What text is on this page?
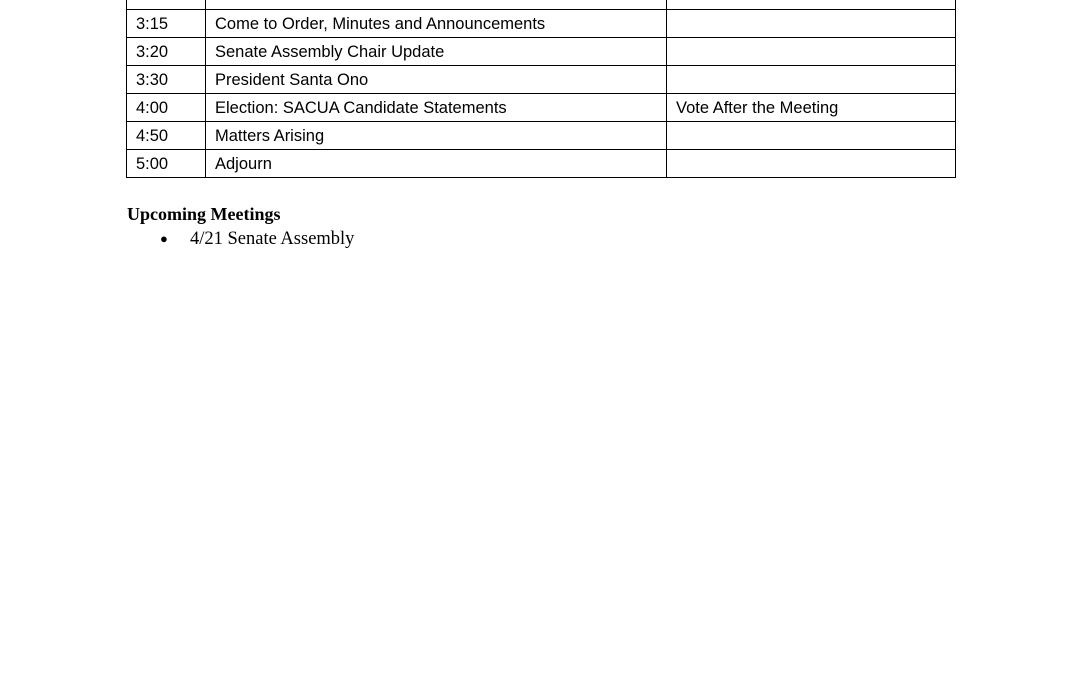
3:15	Come to Order, Minutes and Announcements	
3:20	Senate Assembly Chair Update	
3:30	President Santa Ono	
4:00	Election: SACUA Candidate Statements	Vote After the Meeting
4:50	Matters Arising	
5:00	Adjourn	
Upcoming Meetings
●	4/21 Senate Assembly
